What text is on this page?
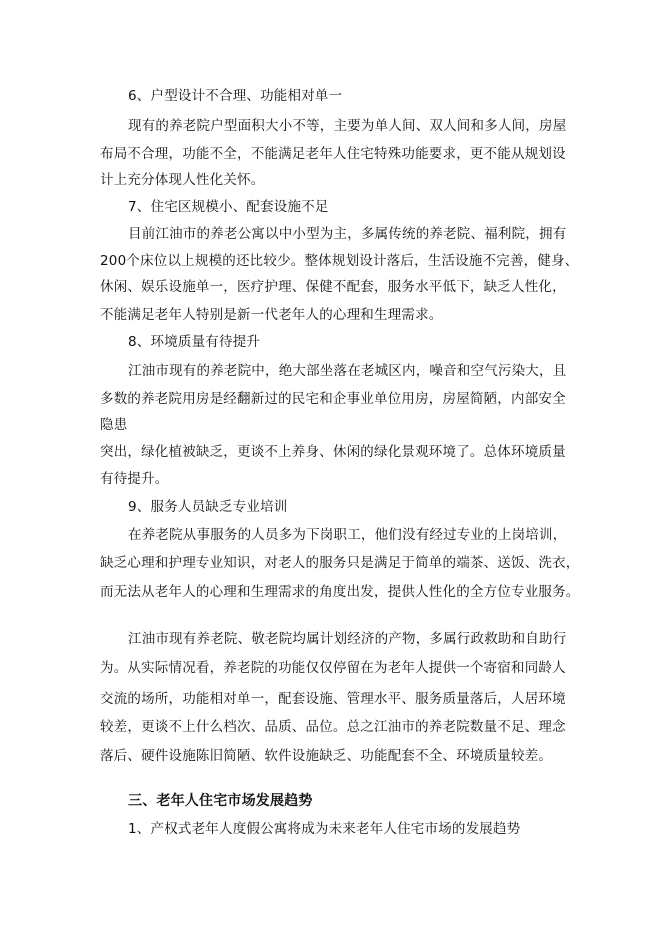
6、户型设计不合理、功能相对单一
现有的养老院户型面积大小不等，主要为单人间、双人间和多人间，房屋
布局不合理，功能不全，不能满足老年人住宅特殊功能要求，更不能从规划设
计上充分体现人性化关怀。
7、住宅区规模小、配套设施不足
目前江油市的养老公寓以中小型为主，多属传统的养老院、福利院，拥有
200个床位以上规模的还比较少。整体规划设计落后，生活设施不完善，健身、
休闲、娱乐设施单一，医疗护理、保健不配套，服务水平低下，缺乏人性化，
不能满足老年人特别是新一代老年人的心理和生理需求。
8、环境质量有待提升
江油市现有的养老院中，绝大部坐落在老城区内，噪音和空气污染大，且
多数的养老院用房是经翻新过的民宅和企事业单位用房，房屋简陋，内部安全
隐患
突出，绿化植被缺乏，更谈不上养身、休闲的绿化景观环境了。总体环境质量
有待提升。
9、服务人员缺乏专业培训
在养老院从事服务的人员多为下岗职工，他们没有经过专业的上岗培训，
缺乏心理和护理专业知识，对老人的服务只是满足于简单的端茶、送饭、洗衣，
而无法从老年人的心理和生理需求的角度出发，提供人性化的全方位专业服务。
江油市现有养老院、敬老院均属计划经济的产物，多属行政救助和自助行
为。从实际情况看，养老院的功能仅仅停留在为老年人提供一个寄宿和同龄人
交流的场所，功能相对单一，配套设施、管理水平、服务质量落后，人居环境
较差，更谈不上什么档次、品质、品位。总之江油市的养老院数量不足、理念
落后、硬件设施陈旧简陋、软件设施缺乏、功能配套不全、环境质量较差。
三、老年人住宅市场发展趋势
1、产权式老年人度假公寓将成为未来老年人住宅市场的发展趋势
